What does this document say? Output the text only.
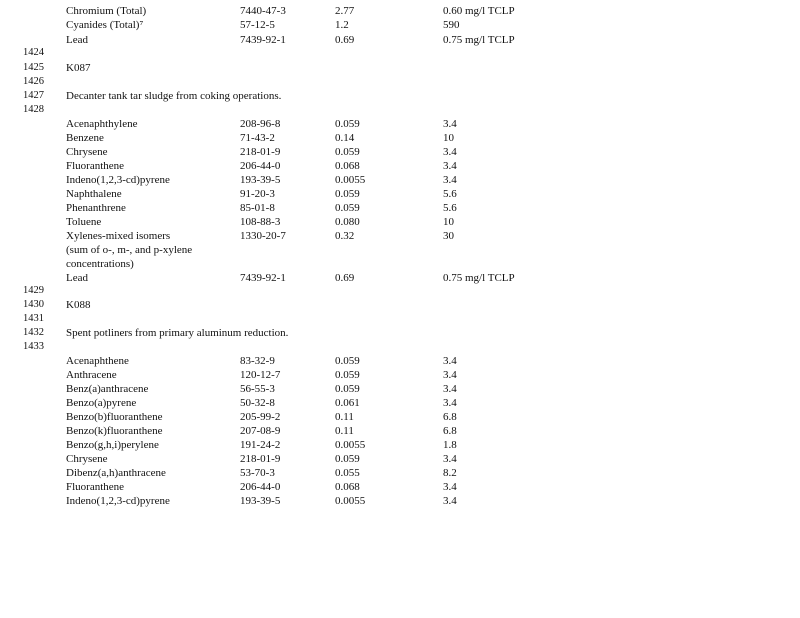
Chromium (Total)	7440-47-3	2.77	0.60 mg/l TCLP
Cyanides (Total)⁷	57-12-5	1.2	590
Lead	7439-92-1	0.69	0.75 mg/l TCLP
1424
1425 K087
1426
1427 Decanter tank tar sludge from coking operations.
1428
Acenaphthylene	208-96-8	0.059	3.4
Benzene	71-43-2	0.14	10
Chrysene	218-01-9	0.059	3.4
Fluoranthene	206-44-0	0.068	3.4
Indeno(1,2,3-cd)pyrene	193-39-5	0.0055	3.4
Naphthalene	91-20-3	0.059	5.6
Phenanthrene	85-01-8	0.059	5.6
Toluene	108-88-3	0.080	10
Xylenes-mixed isomers	1330-20-7	0.32	30
(sum of o-, m-, and p-xylene
concentrations)
Lead	7439-92-1	0.69	0.75 mg/l TCLP
1429
1430 K088
1431
1432 Spent potliners from primary aluminum reduction.
1433
Acenaphthene	83-32-9	0.059	3.4
Anthracene	120-12-7	0.059	3.4
Benz(a)anthracene	56-55-3	0.059	3.4
Benzo(a)pyrene	50-32-8	0.061	3.4
Benzo(b)fluoranthene	205-99-2	0.11	6.8
Benzo(k)fluoranthene	207-08-9	0.11	6.8
Benzo(g,h,i)perylene	191-24-2	0.0055	1.8
Chrysene	218-01-9	0.059	3.4
Dibenz(a,h)anthracene	53-70-3	0.055	8.2
Fluoranthene	206-44-0	0.068	3.4
Indeno(1,2,3-cd)pyrene	193-39-5	0.0055	3.4
